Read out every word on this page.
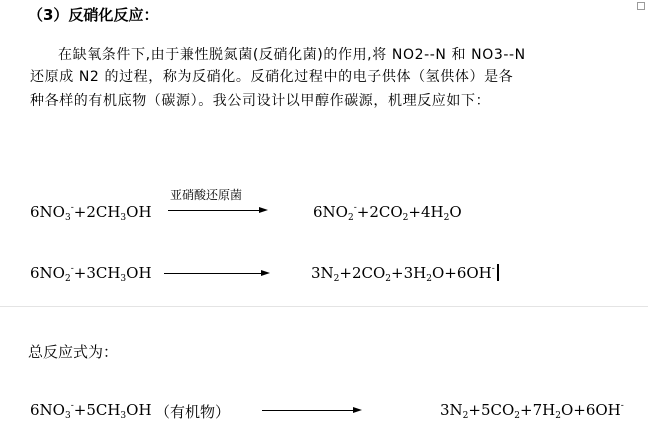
（3）反硝化反应：
在缺氧条件下,由于兼性脱氮菌(反硝化菌)的作用,将 NO2--N 和 NO3--N
还原成 N2 的过程，称为反硝化。反硝化过程中的电子供体（氢供体）是各
种各样的有机底物（碳源）。我公司设计以甲醇作碳源，机理反应如下：
亚硝酸还原菌
$6NO_3^-+2CH_3OH$	$6NO_2^-+2CO_2+4H_2O$
$6NO_2^-+3CH_3OH$	$3N_2+2CO_2+3H_2O+6OH^-$
总反应式为：
$6NO_3^-+5CH_3OH$ （有机物）	$3N_2+5CO_2+7H_2O+6OH^-$
